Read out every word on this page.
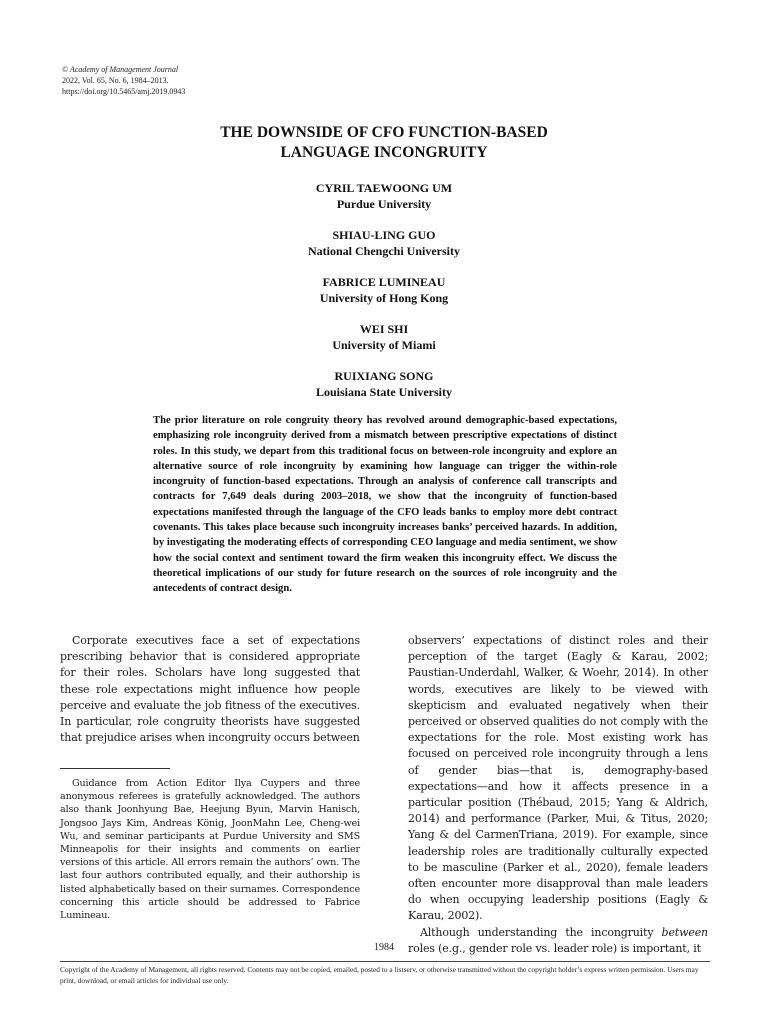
© Academy of Management Journal
2022, Vol. 65, No. 6, 1984–2013.
https://doi.org/10.5465/amj.2019.0943
THE DOWNSIDE OF CFO FUNCTION-BASED
LANGUAGE INCONGRUITY
CYRIL TAEWOONG UM
Purdue University
SHIAU-LING GUO
National Chengchi University
FABRICE LUMINEAU
University of Hong Kong
WEI SHI
University of Miami
RUIXIANG SONG
Louisiana State University
The prior literature on role congruity theory has revolved around demographic-based expectations, emphasizing role incongruity derived from a mismatch between prescriptive expectations of distinct roles. In this study, we depart from this traditional focus on between-role incongruity and explore an alternative source of role incongruity by examining how language can trigger the within-role incongruity of function-based expectations. Through an analysis of conference call transcripts and contracts for 7,649 deals during 2003–2018, we show that the incongruity of function-based expectations manifested through the language of the CFO leads banks to employ more debt contract covenants. This takes place because such incongruity increases banks’ perceived hazards. In addition, by investigating the moderating effects of corresponding CEO language and media sentiment, we show how the social context and sentiment toward the firm weaken this incongruity effect. We discuss the theoretical implications of our study for future research on the sources of role incongruity and the antecedents of contract design.

Corporate executives face a set of expectations prescribing behavior that is considered appropriate for their roles. Scholars have long suggested that these role expectations might influence how people perceive and evaluate the job fitness of the executives. In particular, role congruity theorists have suggested that prejudice arises when incongruity occurs between

Guidance from Action Editor Ilya Cuypers and three anonymous referees is gratefully acknowledged. The authors also thank Joonhyung Bae, Heejung Byun, Marvin Hanisch, Jongsoo Jays Kim, Andreas König, JoonMahn Lee, Cheng-wei Wu, and seminar participants at Purdue University and SMS Minneapolis for their insights and comments on earlier versions of this article. All errors remain the authors’ own. The last four authors contributed equally, and their authorship is listed alphabetically based on their surnames. Correspondence concerning this article should be addressed to Fabrice Lumineau.

observers’ expectations of distinct roles and their perception of the target (Eagly & Karau, 2002; Paustian-Underdahl, Walker, & Woehr, 2014). In other words, executives are likely to be viewed with skepticism and evaluated negatively when their perceived or observed qualities do not comply with the expectations for the role. Most existing work has focused on perceived role incongruity through a lens of gender bias—that is, demography-based expectations—and how it affects presence in a particular position (Thébaud, 2015; Yang & Aldrich, 2014) and performance (Parker, Mui, & Titus, 2020; Yang & del CarmenTriana, 2019). For example, since leadership roles are traditionally culturally expected to be masculine (Parker et al., 2020), female leaders often encounter more disapproval than male leaders do when occupying leadership positions (Eagly & Karau, 2002).

Although understanding the incongruity between roles (e.g., gender role vs. leader role) is important, it

1984
Copyright of the Academy of Management, all rights reserved. Contents may not be copied, emailed, posted to a listserv, or otherwise transmitted without the copyright holder’s express written permission. Users may print, download, or email articles for individual use only.
